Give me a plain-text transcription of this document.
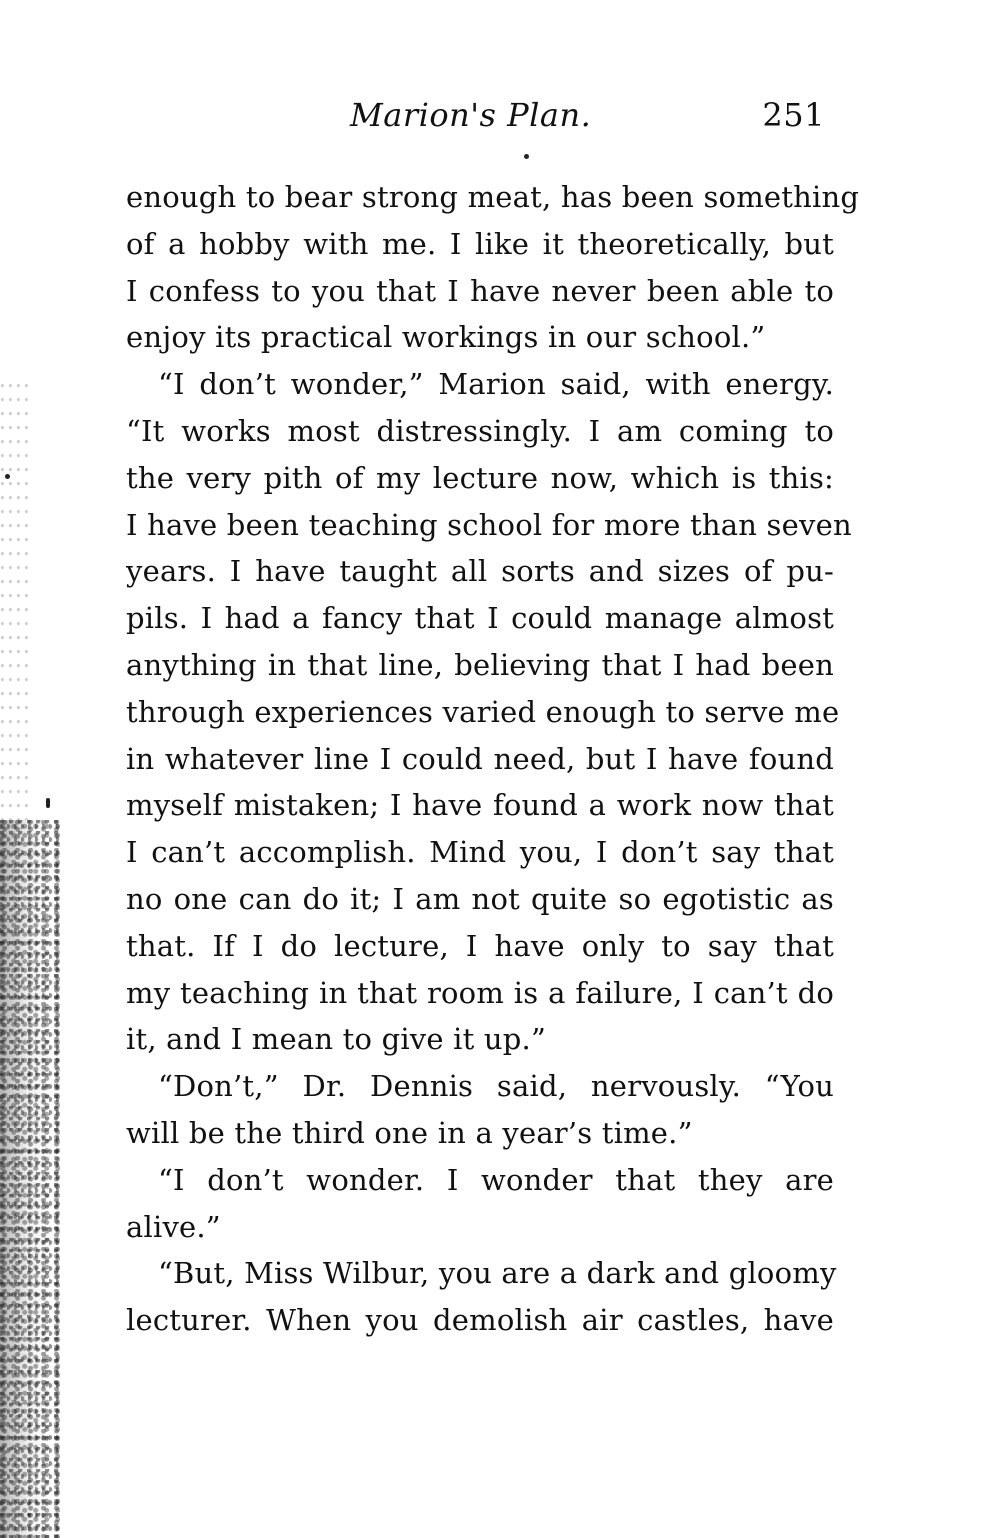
Marion's Plan.	251
enough to bear strong meat, has been something
of a hobby with me. I like it theoretically, but
I confess to you that I have never been able to
enjoy its practical workings in our school.”
“I don’t wonder,” Marion said, with energy.
“It works most distressingly. I am coming to
the very pith of my lecture now, which is this:
I have been teaching school for more than seven
years. I have taught all sorts and sizes of pu-
pils. I had a fancy that I could manage almost
anything in that line, believing that I had been
through experiences varied enough to serve me
in whatever line I could need, but I have found
myself mistaken; I have found a work now that
I can’t accomplish. Mind you, I don’t say that
no one can do it; I am not quite so egotistic as
that. If I do lecture, I have only to say that
my teaching in that room is a failure, I can’t do
it, and I mean to give it up.”
“Don’t,” Dr. Dennis said, nervously. “You
will be the third one in a year’s time.”
“I don’t wonder. I wonder that they are
alive.”
“But, Miss Wilbur, you are a dark and gloomy
lecturer. When you demolish air castles, have
